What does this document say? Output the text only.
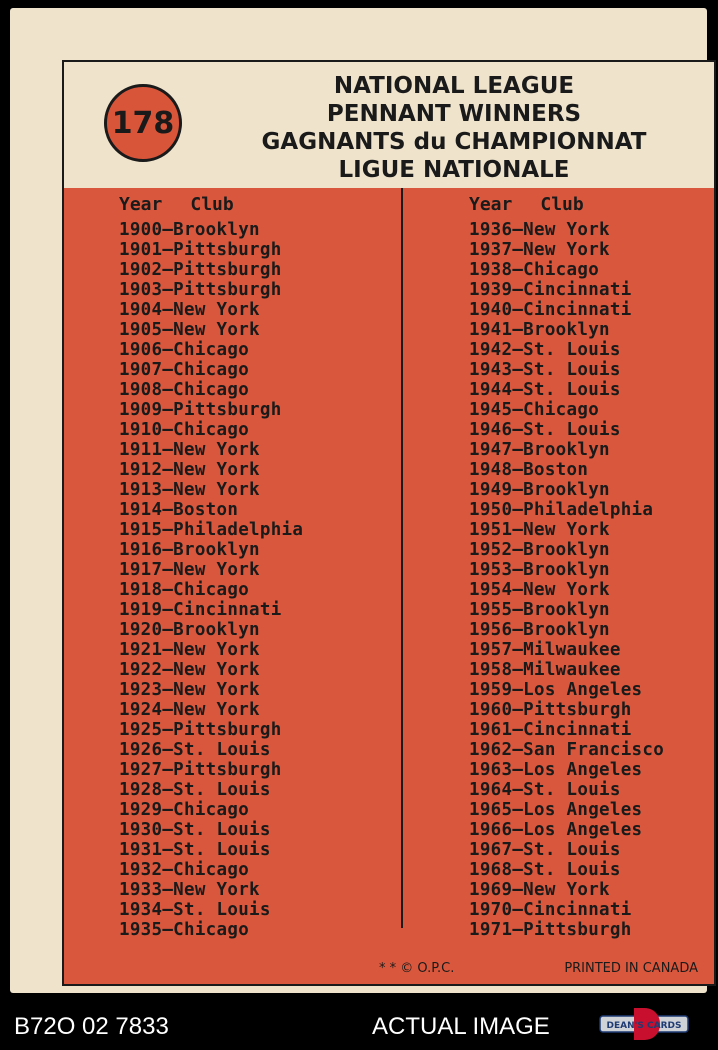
178
NATIONAL LEAGUE
PENNANT WINNERS
GAGNANTS du CHAMPIONNAT
LIGUE NATIONALE
Year Club
1900—Brooklyn
1901—Pittsburgh
1902—Pittsburgh
1903—Pittsburgh
1904—New York
1905—New York
1906—Chicago
1907—Chicago
1908—Chicago
1909—Pittsburgh
1910—Chicago
1911—New York
1912—New York
1913—New York
1914—Boston
1915—Philadelphia
1916—Brooklyn
1917—New York
1918—Chicago
1919—Cincinnati
1920—Brooklyn
1921—New York
1922—New York
1923—New York
1924—New York
1925—Pittsburgh
1926—St. Louis
1927—Pittsburgh
1928—St. Louis
1929—Chicago
1930—St. Louis
1931—St. Louis
1932—Chicago
1933—New York
1934—St. Louis
1935—Chicago
Year Club
1936—New York
1937—New York
1938—Chicago
1939—Cincinnati
1940—Cincinnati
1941—Brooklyn
1942—St. Louis
1943—St. Louis
1944—St. Louis
1945—Chicago
1946—St. Louis
1947—Brooklyn
1948—Boston
1949—Brooklyn
1950—Philadelphia
1951—New York
1952—Brooklyn
1953—Brooklyn
1954—New York
1955—Brooklyn
1956—Brooklyn
1957—Milwaukee
1958—Milwaukee
1959—Los Angeles
1960—Pittsburgh
1961—Cincinnati
1962—San Francisco
1963—Los Angeles
1964—St. Louis
1965—Los Angeles
1966—Los Angeles
1967—St. Louis
1968—St. Louis
1969—New York
1970—Cincinnati
1971—Pittsburgh
* * © O.P.C.	PRINTED IN CANADA
B72O 02 7833	ACTUAL IMAGE	DEAN'S CARDS
